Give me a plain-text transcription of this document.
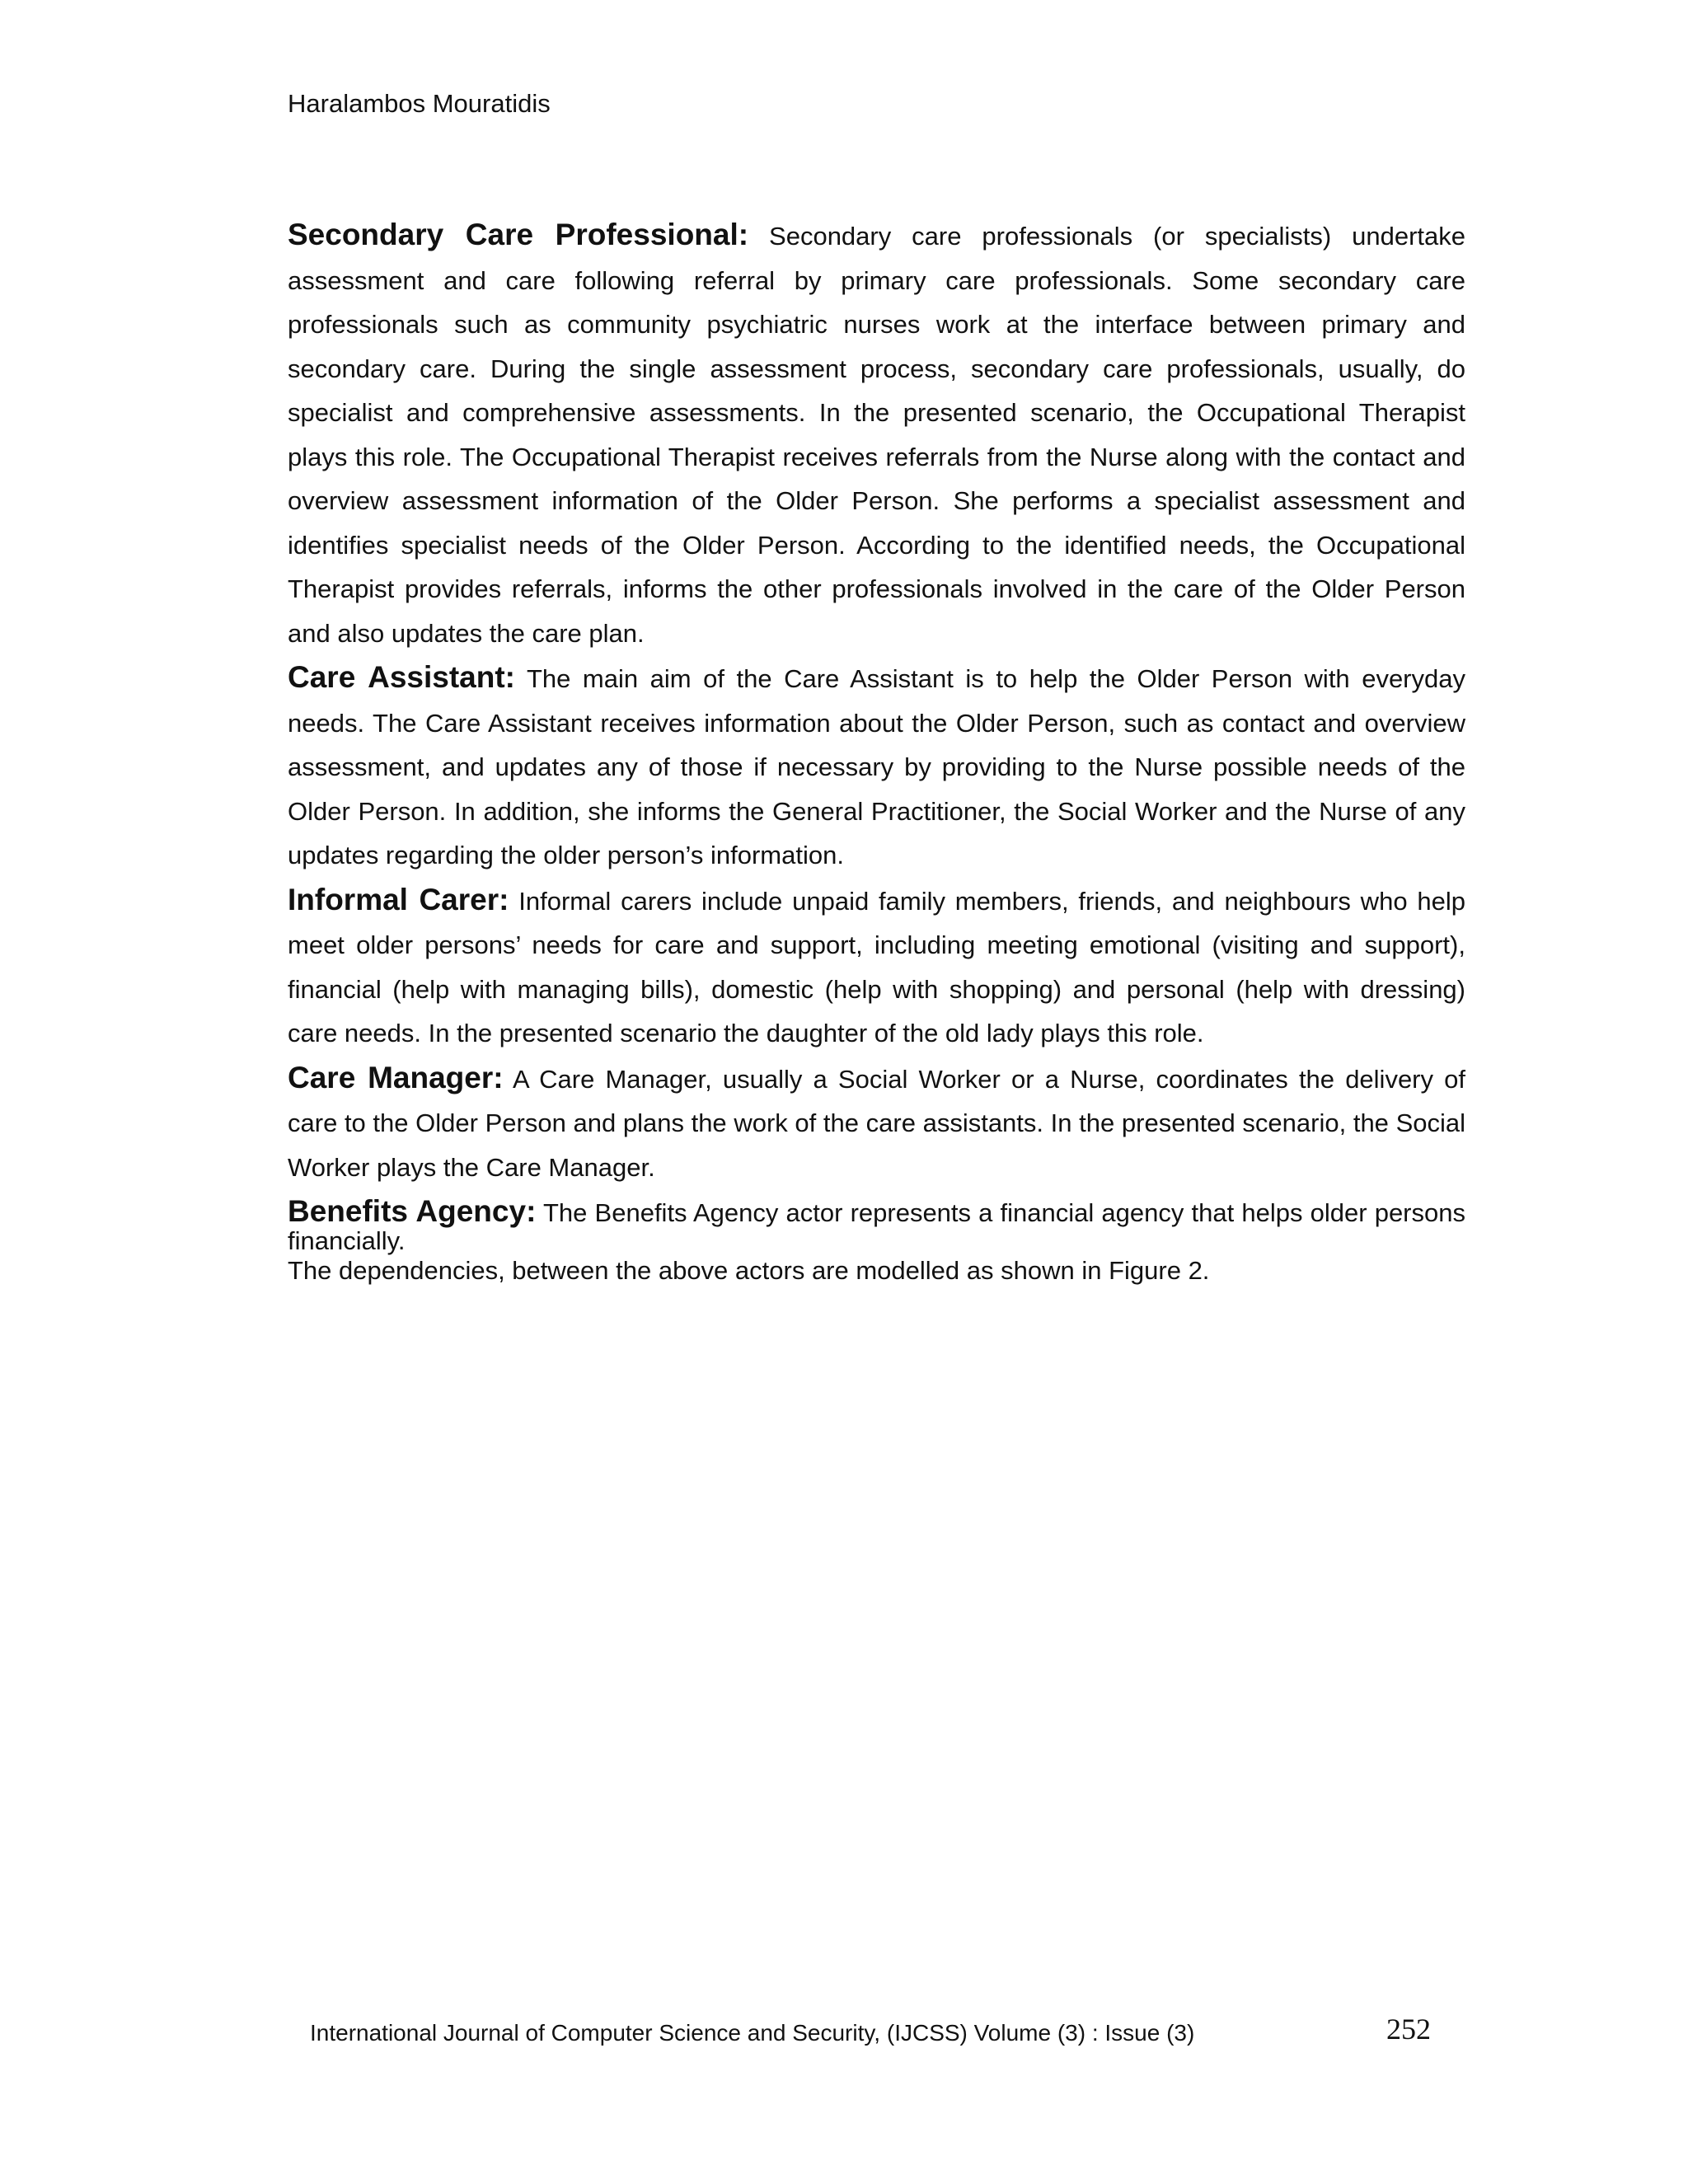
Haralambos Mouratidis

Secondary Care Professional: Secondary care professionals (or specialists) undertake assessment and care following referral by primary care professionals. Some secondary care professionals such as community psychiatric nurses work at the interface between primary and secondary care. During the single assessment process, secondary care professionals, usually, do specialist and comprehensive assessments. In the presented scenario, the Occupational Therapist plays this role. The Occupational Therapist receives referrals from the Nurse along with the contact and overview assessment information of the Older Person. She performs a specialist assessment and identifies specialist needs of the Older Person. According to the identified needs, the Occupational Therapist provides referrals, informs the other professionals involved in the care of the Older Person and also updates the care plan.

Care Assistant: The main aim of the Care Assistant is to help the Older Person with everyday needs. The Care Assistant receives information about the Older Person, such as contact and overview assessment, and updates any of those if necessary by providing to the Nurse possible needs of the Older Person. In addition, she informs the General Practitioner, the Social Worker and the Nurse of any updates regarding the older person’s information.

Informal Carer: Informal carers include unpaid family members, friends, and neighbours who help meet older persons’ needs for care and support, including meeting emotional (visiting and support), financial (help with managing bills), domestic (help with shopping) and personal (help with dressing) care needs. In the presented scenario the daughter of the old lady plays this role.

Care Manager: A Care Manager, usually a Social Worker or a Nurse, coordinates the delivery of care to the Older Person and plans the work of the care assistants. In the presented scenario, the Social Worker plays the Care Manager.

Benefits Agency: The Benefits Agency actor represents a financial agency that helps older persons financially.

The dependencies, between the above actors are modelled as shown in Figure 2.

International Journal of Computer Science and Security, (IJCSS) Volume (3) : Issue (3)	252
